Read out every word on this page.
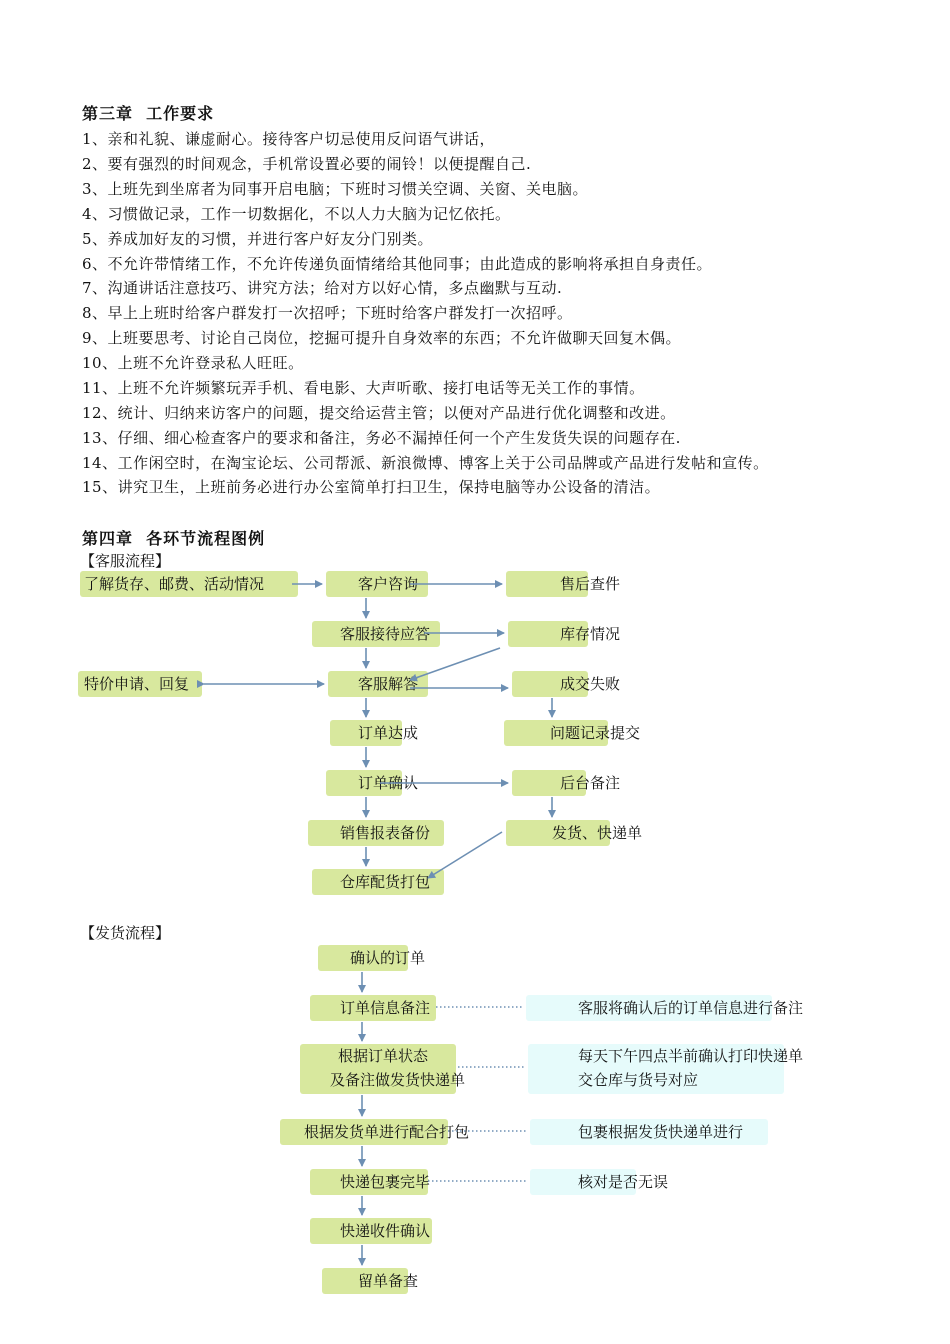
第三章  工作要求
1、亲和礼貌、谦虚耐心。接待客户切忌使用反问语气讲话，
2、要有强烈的时间观念，手机常设置必要的闹铃！以便提醒自己.
3、上班先到坐席者为同事开启电脑；下班时习惯关空调、关窗、关电脑。
4、习惯做记录，工作一切数据化，不以人力大脑为记忆依托。
5、养成加好友的习惯，并进行客户好友分门别类。
6、不允许带情绪工作，不允许传递负面情绪给其他同事；由此造成的影响将承担自身责任。
7、沟通讲话注意技巧、讲究方法；给对方以好心情，多点幽默与互动.
8、早上上班时给客户群发打一次招呼；下班时给客户群发打一次招呼。
9、上班要思考、讨论自己岗位，挖掘可提升自身效率的东西；不允许做聊天回复木偶。
10、上班不允许登录私人旺旺。
11、上班不允许频繁玩弄手机、看电影、大声听歌、接打电话等无关工作的事情。
12、统计、归纳来访客户的问题，提交给运营主管；以便对产品进行优化调整和改进。
13、仔细、细心检查客户的要求和备注，务必不漏掉任何一个产生发货失误的问题存在.
14、工作闲空时，在淘宝论坛、公司帮派、新浪微博、博客上关于公司品牌或产品进行发帖和宣传。
15、讲究卫生，上班前务必进行办公室简单打扫卫生，保持电脑等办公设备的清洁。
第四章  各环节流程图例
【客服流程】
了解货存、邮费、活动情况	客户咨询	售后查件
客服接待应答	库存情况
特价申请、回复	客服解答	成交失败
订单达成	问题记录提交
订单确认	后台备注
销售报表备份	发货、快递单
仓库配货打包
【发货流程】
确认的订单
客服将确认后的订单信息进行备注
订单信息备注
根据订单状态
及备注做发货快递单
每天下午四点半前确认打印快递单
交仓库与货号对应
根据发货单进行配合打包	包裹根据发货快递单进行
快递包裹完毕	核对是否无误
快递收件确认
留单备查
